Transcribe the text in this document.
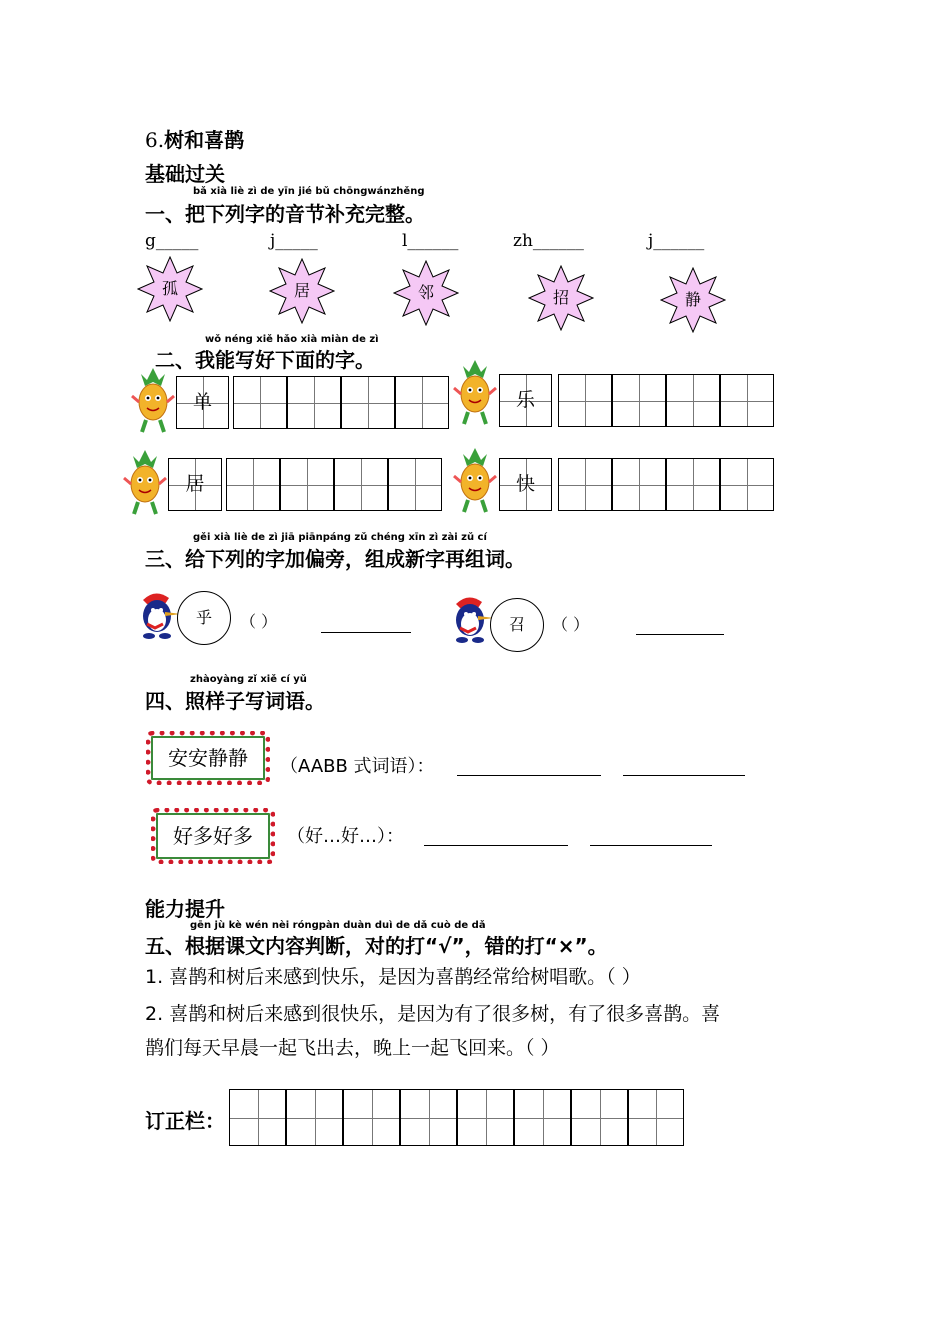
6.树和喜鹊
基础过关
bǎ xià liè zì de yīn jié bǔ chōngwánzhěng
一、把下列字的音节补充完整。
g_____	j_____	l______	zh______	j______
孤	居	邻	招	静
wǒ néng xiě hǎo xià miàn de zì
二、我能写好下面的字。
单	乐
居	快
gěi xià liè de zì jiā piānpáng zǔ chéng xīn zì zài zǔ cí
三、给下列的字加偏旁，组成新字再组词。
乎	（ ）	召	（ ）
zhàoyàng zǐ xiě cí yǔ
四、照样子写词语。
安安静静	（AABB 式词语）：
好多好多	（好…好…）：
能力提升
gēn jù kè wén nèi róngpàn duàn duì de dǎ cuò de dǎ
五、根据课文内容判断，对的打“√”，错的打“×”。
1. 喜鹊和树后来感到快乐，是因为喜鹊经常给树唱歌。（ ）
2. 喜鹊和树后来感到很快乐，是因为有了很多树，有了很多喜鹊。喜
鹊们每天早晨一起飞出去，晚上一起飞回来。（ ）
订正栏：
